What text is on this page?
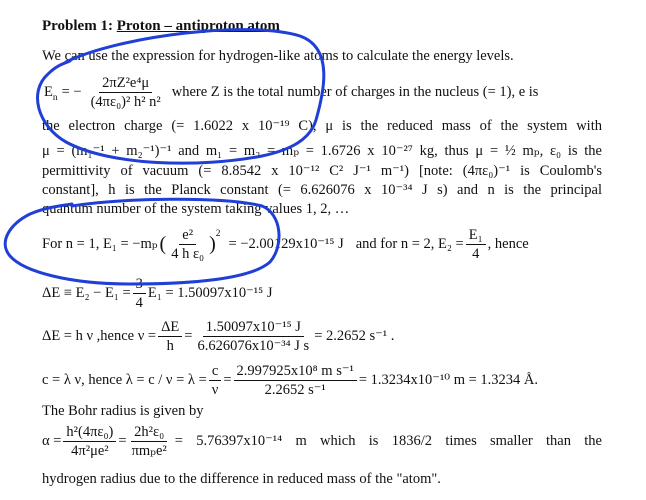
Problem 1: Proton – antiproton atom
We can use the expression for hydrogen-like atoms to calculate the energy levels.
$E_n$ = − $\frac{\text{2πZ²e⁴μ}}{\text{(4πε₀)² h² n²}}$ where Z is the total number of charges in the nucleus (= 1), e is
the electron charge (= 1.6022 x 10⁻¹⁹ C), μ is the reduced mass of the system with
μ = (m₁⁻¹ + m₂⁻¹)⁻¹ and m₁ = m₂ = mₚ = 1.6726 x 10⁻²⁷ kg, thus μ = ½ mₚ, ε₀ is the
permittivity of vacuum (= 8.8542 x 10⁻¹² C² J⁻¹ m⁻¹) [note: (4πε₀)⁻¹ is Coulomb's
constant], h is the Planck constant (= 6.626076 x 10⁻³⁴ J s) and n is the principal
quantum number of the system taking values 1, 2, …
For n = 1, E₁ = −mₚ ( $\frac{\text{e²}}{\text{4 h ε₀}} )^2$
= −2.00129x10⁻¹⁵ J and for n = 2, $E_2 = \frac{\text{E₁}}{4}$ , hence
$\Delta E \equiv E_2 - E_1 = \frac{3}{4} E_1 = 1.50097x10^{-15}$ J
ΔE = h ν ,hence $\nu = \frac{\Delta E}{h} = \frac{\text{1.50097x10⁻¹⁵ J}}{\text{6.626076x10⁻³⁴ J s}} = 2.2652$ s⁻¹ .
c = λ ν, hence $\lambda = c / \nu = \lambda = \frac{c}{\nu} = \frac{\text{2.997925x10⁸ m s⁻¹}}{\text{2.2652 s⁻¹}} = 1.3234x10^{-10}$ m = 1.3234 Å.
The Bohr radius is given by
$\alpha = \frac{\text{h²(4πε₀)}}{\text{4π²μe²}} = \frac{\text{2h²ε₀}}{\text{πmₚe²}} = 5.76397x10^{-14}$ m which is 1836/2 times smaller than the
hydrogen radius due to the difference in reduced mass of the "atom".
